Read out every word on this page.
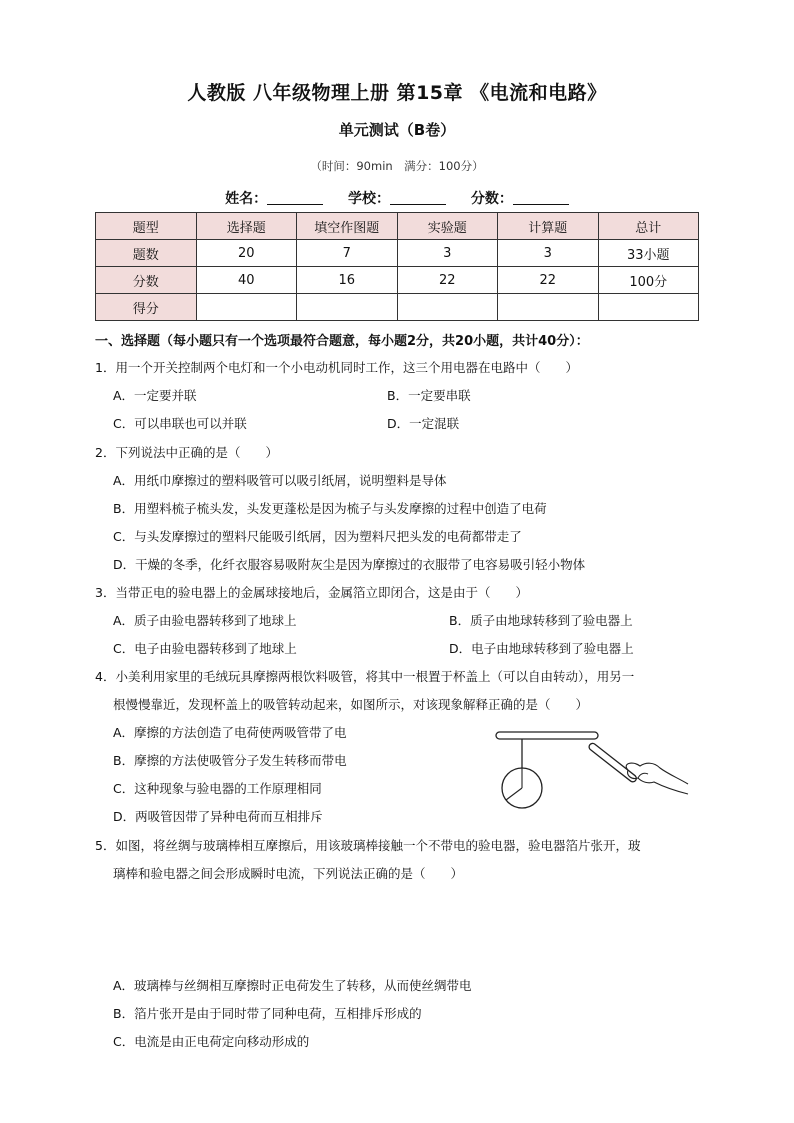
人教版 八年级物理上册 第15章 《电流和电路》
单元测试（B卷）
（时间：90min　满分：100分）
姓名：	学校：	分数：
题型	选择题	填空作图题	实验题	计算题	总计
题数	20	7	3	3	33小题
分数	40	16	22	22	100分
得分					
一、选择题（每小题只有一个选项最符合题意，每小题2分，共20小题，共计40分）：
1．用一个开关控制两个电灯和一个小电动机同时工作，这三个用电器在电路中（　　）
A．一定要并联	B．一定要串联
C．可以串联也可以并联	D．一定混联
2．下列说法中正确的是（　　）
A．用纸巾摩擦过的塑料吸管可以吸引纸屑，说明塑料是导体
B．用塑料梳子梳头发，头发更蓬松是因为梳子与头发摩擦的过程中创造了电荷
C．与头发摩擦过的塑料尺能吸引纸屑，因为塑料尺把头发的电荷都带走了
D．干燥的冬季，化纤衣服容易吸附灰尘是因为摩擦过的衣服带了电容易吸引轻小物体
3．当带正电的验电器上的金属球接地后，金属箔立即闭合，这是由于（　　）
A．质子由验电器转移到了地球上	B．质子由地球转移到了验电器上
C．电子由验电器转移到了地球上	D．电子由地球转移到了验电器上
4．小美利用家里的毛绒玩具摩擦两根饮料吸管，将其中一根置于杯盖上（可以自由转动），用另一
根慢慢靠近，发现杯盖上的吸管转动起来，如图所示，对该现象解释正确的是（　　）
A．摩擦的方法创造了电荷使两吸管带了电
B．摩擦的方法使吸管分子发生转移而带电
C．这种现象与验电器的工作原理相同
D．两吸管因带了异种电荷而互相排斥
5．如图，将丝绸与玻璃棒相互摩擦后，用该玻璃棒接触一个不带电的验电器，验电器箔片张开，玻
璃棒和验电器之间会形成瞬时电流，下列说法正确的是（　　）
A．玻璃棒与丝绸相互摩擦时正电荷发生了转移，从而使丝绸带电
B．箔片张开是由于同时带了同种电荷，互相排斥形成的
C．电流是由正电荷定向移动形成的
